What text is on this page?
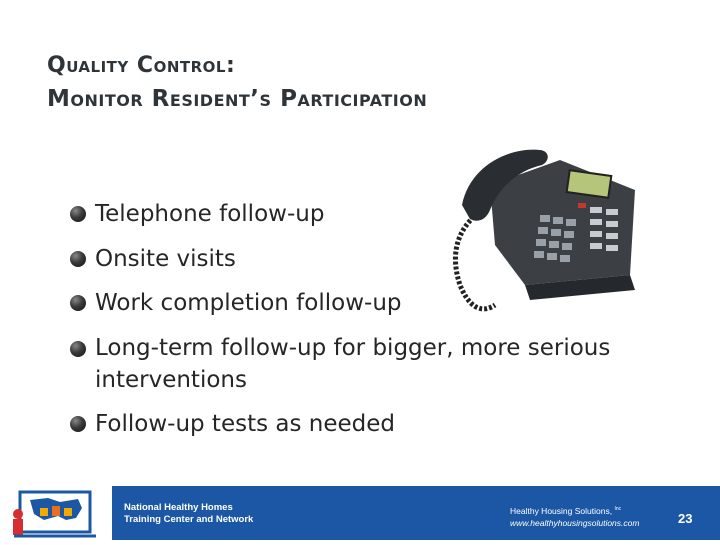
Quality Control:
Monitor Resident’s Participation
Telephone follow-up
Onsite visits
Work completion follow-up
Long-term follow-up for bigger, more serious interventions
Follow-up tests as needed
National Healthy Homes
Training Center and Network
Healthy Housing Solutions, $^{Inc}$
www.healthyhousingsolutions.com	23
